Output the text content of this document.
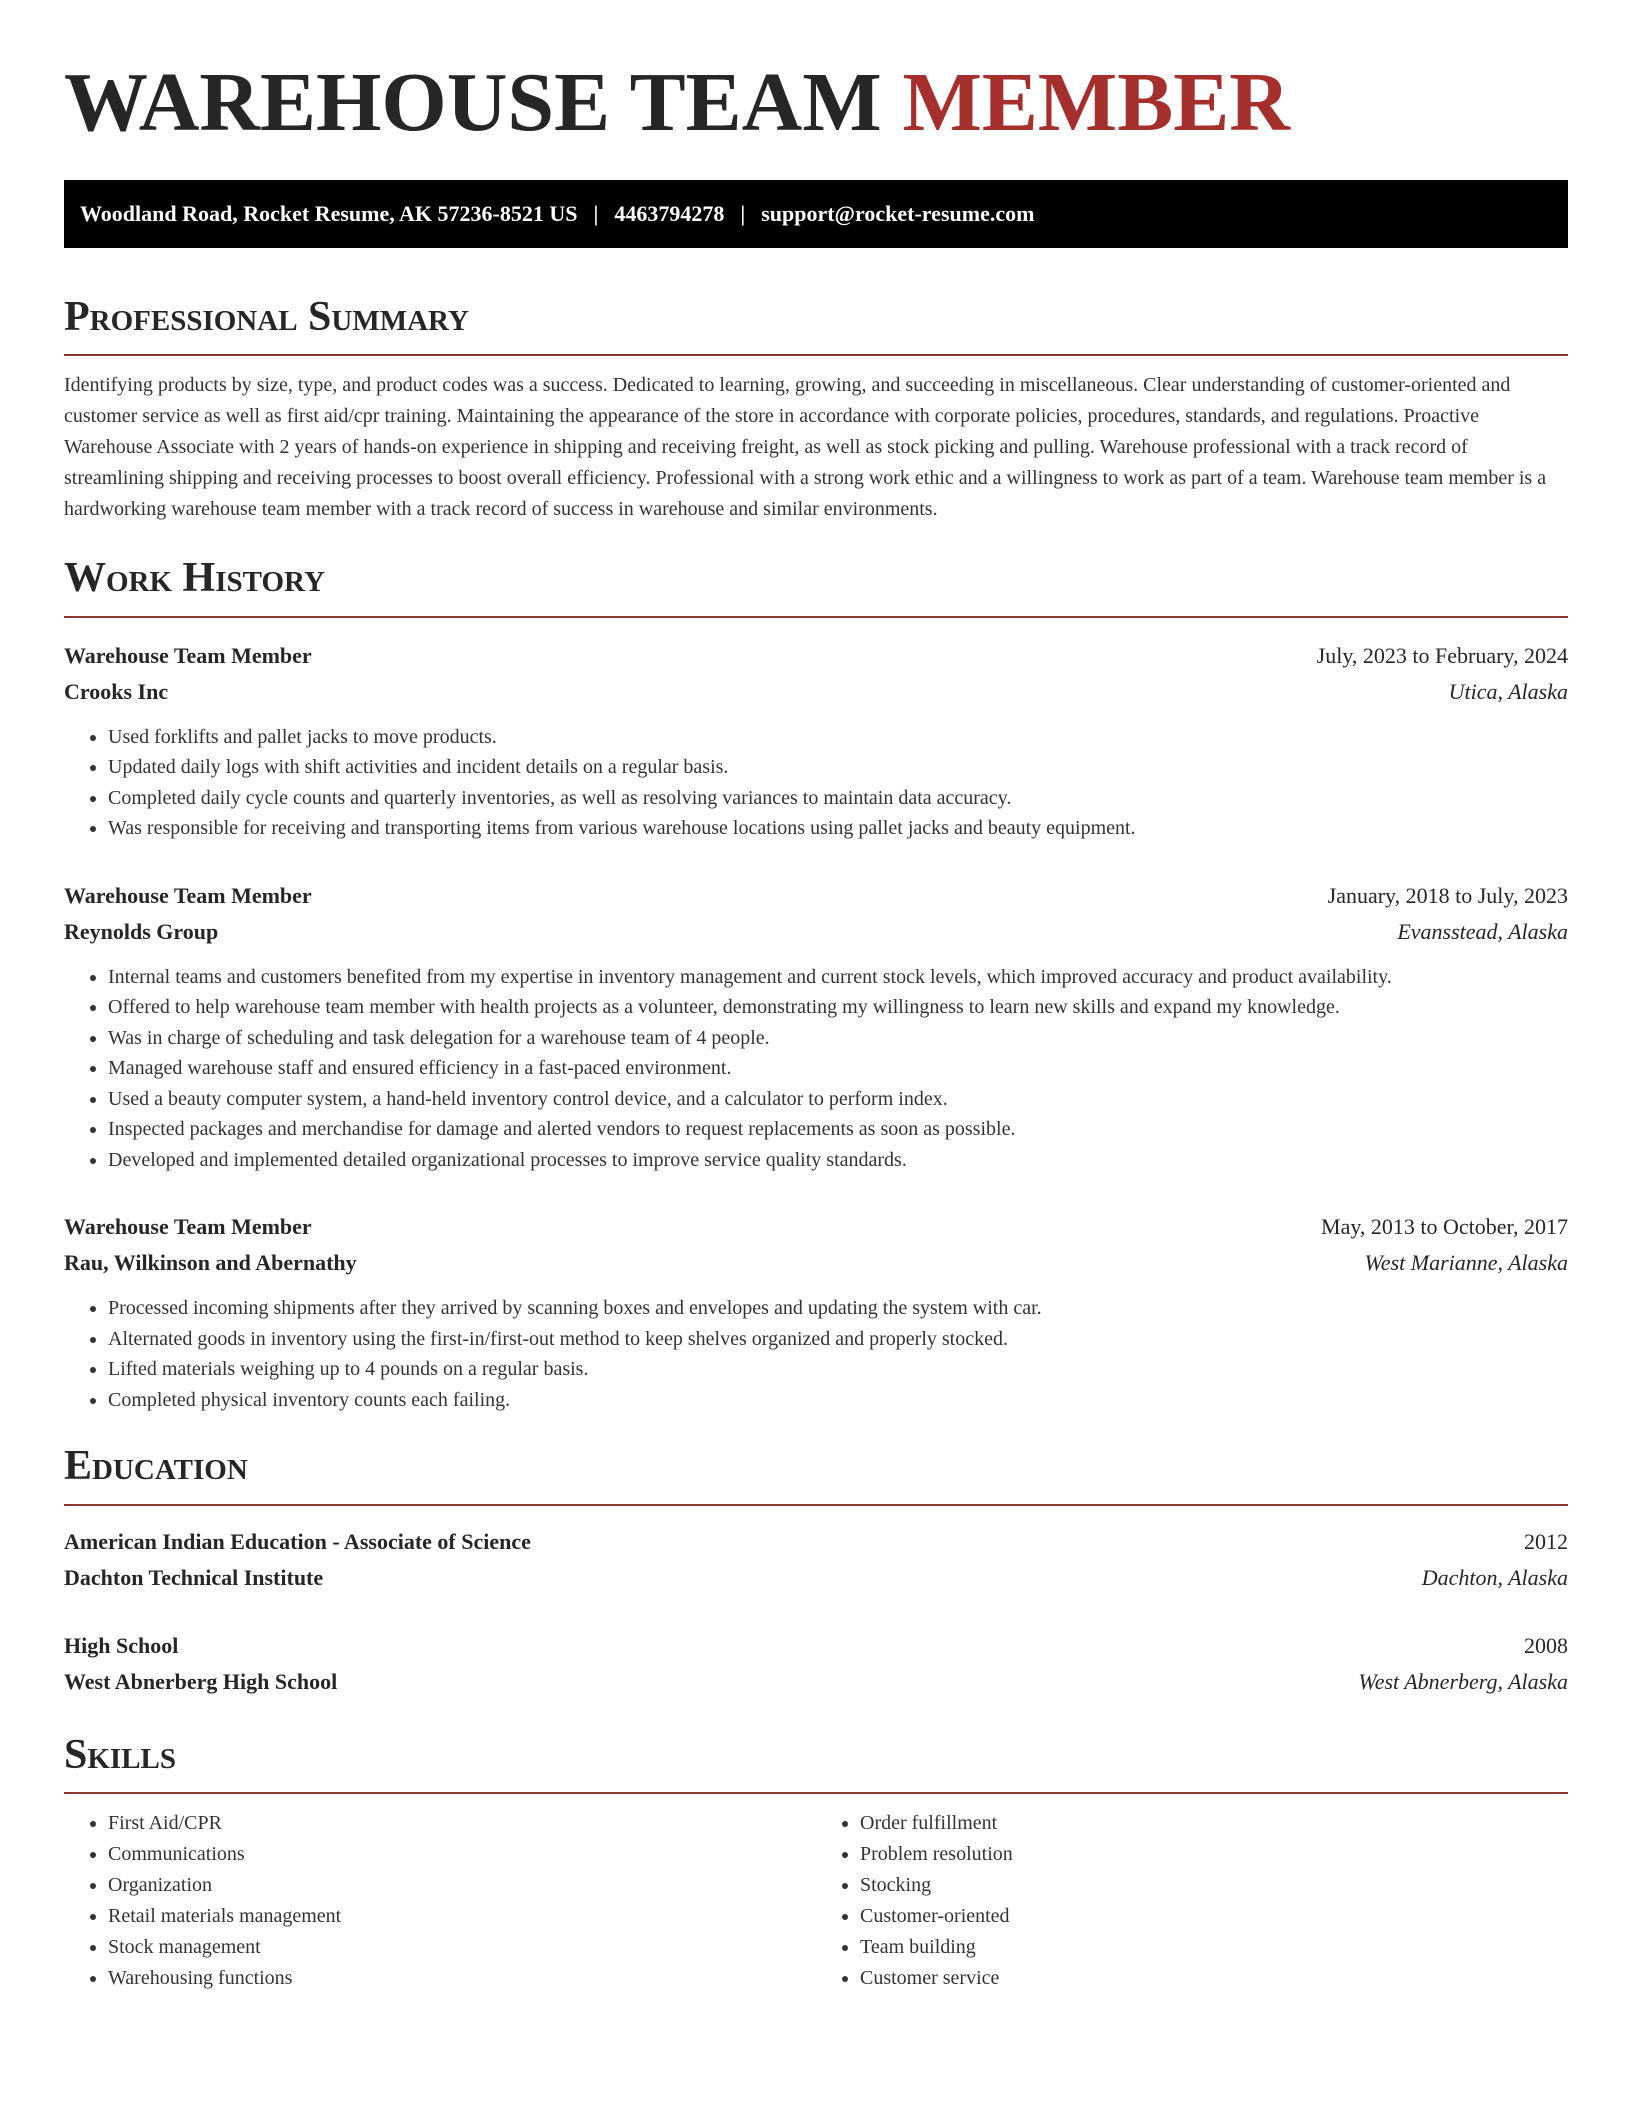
WAREHOUSE TEAM MEMBER
Woodland Road, Rocket Resume, AK 57236-8521 US | 4463794278 | support@rocket-resume.com
Professional Summary

Identifying products by size, type, and product codes was a success. Dedicated to learning, growing, and succeeding in miscellaneous. Clear understanding of customer-oriented and customer service as well as first aid/cpr training. Maintaining the appearance of the store in accordance with corporate policies, procedures, standards, and regulations. Proactive Warehouse Associate with 2 years of hands-on experience in shipping and receiving freight, as well as stock picking and pulling. Warehouse professional with a track record of streamlining shipping and receiving processes to boost overall efficiency. Professional with a strong work ethic and a willingness to work as part of a team. Warehouse team member is a hardworking warehouse team member with a track record of success in warehouse and similar environments.

Work History
Warehouse Team Member	July, 2023 to February, 2024
Crooks Inc	Utica, Alaska
• Used forklifts and pallet jacks to move products.
• Updated daily logs with shift activities and incident details on a regular basis.
• Completed daily cycle counts and quarterly inventories, as well as resolving variances to maintain data accuracy.
• Was responsible for receiving and transporting items from various warehouse locations using pallet jacks and beauty equipment.
Warehouse Team Member	January, 2018 to July, 2023
Reynolds Group	Evansstead, Alaska
• Internal teams and customers benefited from my expertise in inventory management and current stock levels, which improved accuracy and product availability.
• Offered to help warehouse team member with health projects as a volunteer, demonstrating my willingness to learn new skills and expand my knowledge.
• Was in charge of scheduling and task delegation for a warehouse team of 4 people.
• Managed warehouse staff and ensured efficiency in a fast-paced environment.
• Used a beauty computer system, a hand-held inventory control device, and a calculator to perform index.
• Inspected packages and merchandise for damage and alerted vendors to request replacements as soon as possible.
• Developed and implemented detailed organizational processes to improve service quality standards.
Warehouse Team Member	May, 2013 to October, 2017
Rau, Wilkinson and Abernathy	West Marianne, Alaska
• Processed incoming shipments after they arrived by scanning boxes and envelopes and updating the system with car.
• Alternated goods in inventory using the first-in/first-out method to keep shelves organized and properly stocked.
• Lifted materials weighing up to 4 pounds on a regular basis.
• Completed physical inventory counts each failing.
Education
American Indian Education - Associate of Science	2012
Dachton Technical Institute	Dachton, Alaska
High School	2008
West Abnerberg High School	West Abnerberg, Alaska
Skills
• First Aid/CPR
• Communications
• Organization
• Retail materials management
• Stock management
• Warehousing functions
• Order fulfillment
• Problem resolution
• Stocking
• Customer-oriented
• Team building
• Customer service
